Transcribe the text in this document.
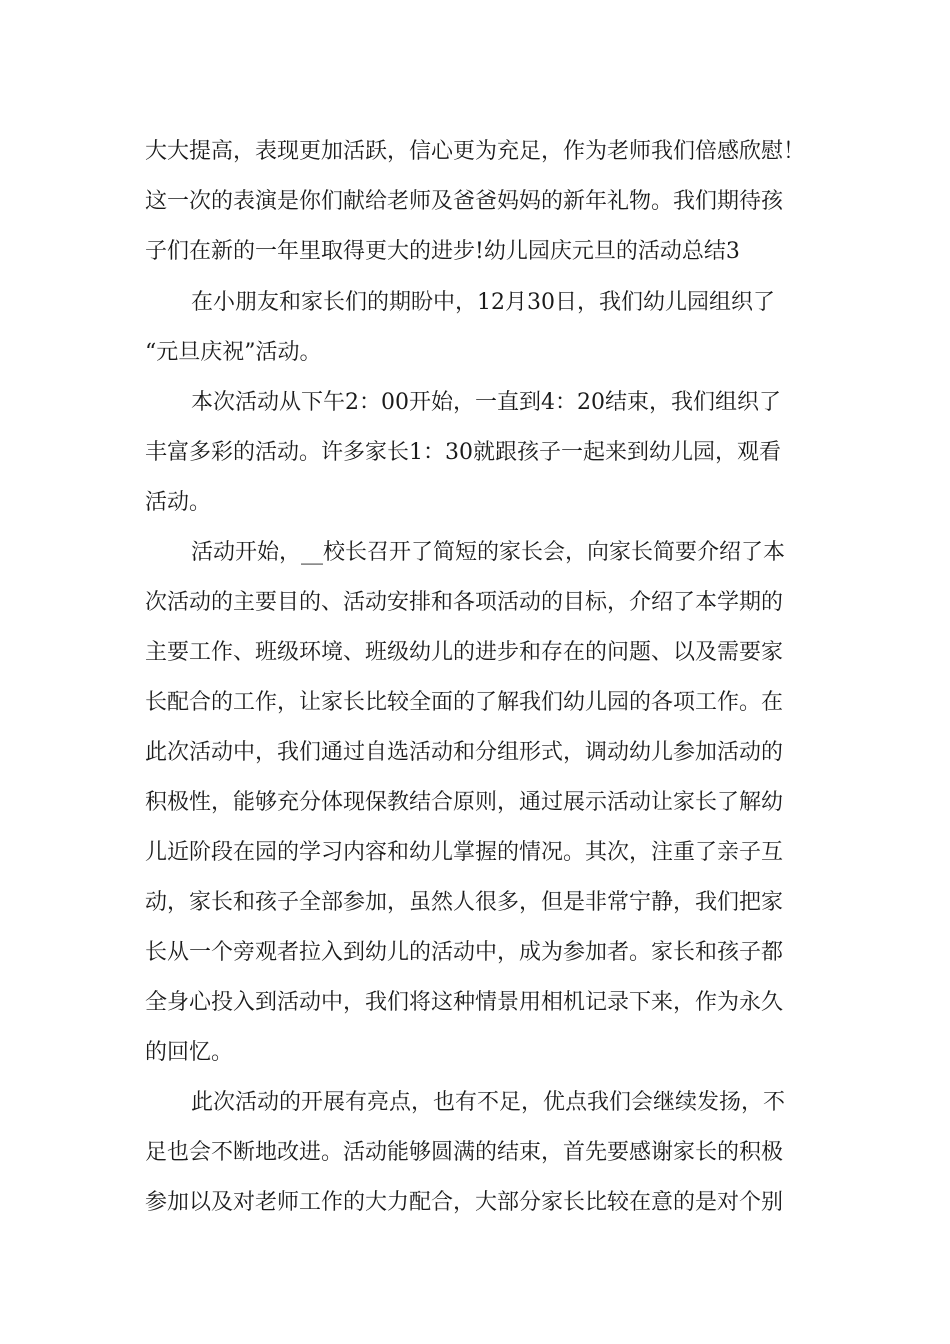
大大提高，表现更加活跃，信心更为充足，作为老师我们倍感欣慰！
这一次的表演是你们献给老师及爸爸妈妈的新年礼物。我们期待孩
子们在新的一年里取得更大的进步!幼儿园庆元旦的活动总结3
在小朋友和家长们的期盼中，12月30日，我们幼儿园组织了
“元旦庆祝”活动。
本次活动从下午2：00开始，一直到4：20结束，我们组织了
丰富多彩的活动。许多家长1：30就跟孩子一起来到幼儿园，观看
活动。
活动开始，__校长召开了简短的家长会，向家长简要介绍了本
次活动的主要目的、活动安排和各项活动的目标，介绍了本学期的
主要工作、班级环境、班级幼儿的进步和存在的问题、以及需要家
长配合的工作，让家长比较全面的了解我们幼儿园的各项工作。在
此次活动中，我们通过自选活动和分组形式，调动幼儿参加活动的
积极性，能够充分体现保教结合原则，通过展示活动让家长了解幼
儿近阶段在园的学习内容和幼儿掌握的情况。其次，注重了亲子互
动，家长和孩子全部参加，虽然人很多，但是非常宁静，我们把家
长从一个旁观者拉入到幼儿的活动中，成为参加者。家长和孩子都
全身心投入到活动中，我们将这种情景用相机记录下来，作为永久
的回忆。
此次活动的开展有亮点，也有不足，优点我们会继续发扬，不
足也会不断地改进。活动能够圆满的结束，首先要感谢家长的积极
参加以及对老师工作的大力配合，大部分家长比较在意的是对个别
